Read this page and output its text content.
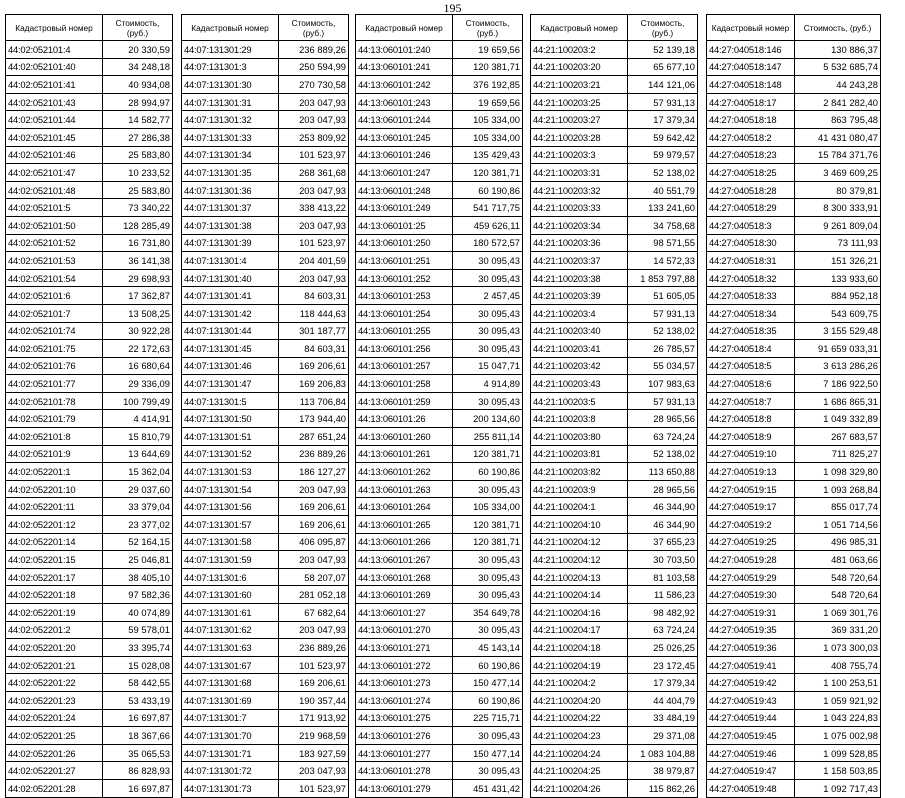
195
Кадастровый номер	Стоимость, (руб.)
44:02:052101:4	20 330,59
44:02:052101:40	34 248,18
44:02:052101:41	40 934,08
44:02:052101:43	28 994,97
44:02:052101:44	14 582,77
44:02:052101:45	27 286,38
44:02:052101:46	25 583,80
44:02:052101:47	10 233,52
44:02:052101:48	25 583,80
44:02:052101:5	73 340,22
44:02:052101:50	128 285,49
44:02:052101:52	16 731,80
44:02:052101:53	36 141,38
44:02:052101:54	29 698,93
44:02:052101:6	17 362,87
44:02:052101:7	13 508,25
44:02:052101:74	30 922,28
44:02:052101:75	22 172,63
44:02:052101:76	16 680,64
44:02:052101:77	29 336,09
44:02:052101:78	100 799,49
44:02:052101:79	4 414,91
44:02:052101:8	15 810,79
44:02:052101:9	13 644,69
44:02:052201:1	15 362,04
44:02:052201:10	29 037,60
44:02:052201:11	33 379,04
44:02:052201:12	23 377,02
44:02:052201:14	52 164,15
44:02:052201:15	25 046,81
44:02:052201:17	38 405,10
44:02:052201:18	97 582,36
44:02:052201:19	40 074,89
44:02:052201:2	59 578,01
44:02:052201:20	33 395,74
44:02:052201:21	15 028,08
44:02:052201:22	58 442,55
44:02:052201:23	53 433,19
44:02:052201:24	16 697,87
44:02:052201:25	18 367,66
44:02:052201:26	35 065,53
44:02:052201:27	86 828,93
44:02:052201:28	16 697,87
Кадастровый номер	Стоимость, (руб.)
44:07:131301:29	236 889,26
44:07:131301:3	250 594,99
44:07:131301:30	270 730,58
44:07:131301:31	203 047,93
44:07:131301:32	203 047,93
44:07:131301:33	253 809,92
44:07:131301:34	101 523,97
44:07:131301:35	268 361,68
44:07:131301:36	203 047,93
44:07:131301:37	338 413,22
44:07:131301:38	203 047,93
44:07:131301:39	101 523,97
44:07:131301:4	204 401,59
44:07:131301:40	203 047,93
44:07:131301:41	84 603,31
44:07:131301:42	118 444,63
44:07:131301:44	301 187,77
44:07:131301:45	84 603,31
44:07:131301:46	169 206,61
44:07:131301:47	169 206,83
44:07:131301:5	113 706,84
44:07:131301:50	173 944,40
44:07:131301:51	287 651,24
44:07:131301:52	236 889,26
44:07:131301:53	186 127,27
44:07:131301:54	203 047,93
44:07:131301:56	169 206,61
44:07:131301:57	169 206,61
44:07:131301:58	406 095,87
44:07:131301:59	203 047,93
44:07:131301:6	58 207,07
44:07:131301:60	281 052,18
44:07:131301:61	67 682,64
44:07:131301:62	203 047,93
44:07:131301:63	236 889,26
44:07:131301:67	101 523,97
44:07:131301:68	169 206,61
44:07:131301:69	190 357,44
44:07:131301:7	171 913,92
44:07:131301:70	219 968,59
44:07:131301:71	183 927,59
44:07:131301:72	203 047,93
44:07:131301:73	101 523,97
Кадастровый номер	Стоимость, (руб.)
44:13:060101:240	19 659,56
44:13:060101:241	120 381,71
44:13:060101:242	376 192,85
44:13:060101:243	19 659,56
44:13:060101:244	105 334,00
44:13:060101:245	105 334,00
44:13:060101:246	135 429,43
44:13:060101:247	120 381,71
44:13:060101:248	60 190,86
44:13:060101:249	541 717,75
44:13:060101:25	459 626,11
44:13:060101:250	180 572,57
44:13:060101:251	30 095,43
44:13:060101:252	30 095,43
44:13:060101:253	2 457,45
44:13:060101:254	30 095,43
44:13:060101:255	30 095,43
44:13:060101:256	30 095,43
44:13:060101:257	15 047,71
44:13:060101:258	4 914,89
44:13:060101:259	30 095,43
44:13:060101:26	200 134,60
44:13:060101:260	255 811,14
44:13:060101:261	120 381,71
44:13:060101:262	60 190,86
44:13:060101:263	30 095,43
44:13:060101:264	105 334,00
44:13:060101:265	120 381,71
44:13:060101:266	120 381,71
44:13:060101:267	30 095,43
44:13:060101:268	30 095,43
44:13:060101:269	30 095,43
44:13:060101:27	354 649,78
44:13:060101:270	30 095,43
44:13:060101:271	45 143,14
44:13:060101:272	60 190,86
44:13:060101:273	150 477,14
44:13:060101:274	60 190,86
44:13:060101:275	225 715,71
44:13:060101:276	30 095,43
44:13:060101:277	150 477,14
44:13:060101:278	30 095,43
44:13:060101:279	451 431,42
Кадастровый номер	Стоимость, (руб.)
44:21:100203:2	52 139,18
44:21:100203:20	65 677,10
44:21:100203:21	144 121,06
44:21:100203:25	57 931,13
44:21:100203:27	17 379,34
44:21:100203:28	59 642,42
44:21:100203:3	59 979,57
44:21:100203:31	52 138,02
44:21:100203:32	40 551,79
44:21:100203:33	133 241,60
44:21:100203:34	34 758,68
44:21:100203:36	98 571,55
44:21:100203:37	14 572,33
44:21:100203:38	1 853 797,88
44:21:100203:39	51 605,05
44:21:100203:4	57 931,13
44:21:100203:40	52 138,02
44:21:100203:41	26 785,57
44:21:100203:42	55 034,57
44:21:100203:43	107 983,63
44:21:100203:5	57 931,13
44:21:100203:8	28 965,56
44:21:100203:80	63 724,24
44:21:100203:81	52 138,02
44:21:100203:82	113 650,88
44:21:100203:9	28 965,56
44:21:100204:1	46 344,90
44:21:100204:10	46 344,90
44:21:100204:12	37 655,23
44:21:100204:12	30 703,50
44:21:100204:13	81 103,58
44:21:100204:14	11 586,23
44:21:100204:16	98 482,92
44:21:100204:17	63 724,24
44:21:100204:18	25 026,25
44:21:100204:19	23 172,45
44:21:100204:2	17 379,34
44:21:100204:20	44 404,79
44:21:100204:22	33 484,19
44:21:100204:23	29 371,08
44:21:100204:24	1 083 104,88
44:21:100204:25	38 979,87
44:21:100204:26	115 862,26
Кадастровый номер	Стоимость, (руб.)
44:27:040518:146	130 886,37
44:27:040518:147	5 532 685,74
44:27:040518:148	44 243,28
44:27:040518:17	2 841 282,40
44:27:040518:18	863 795,48
44:27:040518:2	41 431 080,47
44:27:040518:23	15 784 371,76
44:27:040518:25	3 469 609,25
44:27:040518:28	80 379,81
44:27:040518:29	8 300 333,91
44:27:040518:3	9 261 809,04
44:27:040518:30	73 111,93
44:27:040518:31	151 326,21
44:27:040518:32	133 933,60
44:27:040518:33	884 952,18
44:27:040518:34	543 609,75
44:27:040518:35	3 155 529,48
44:27:040518:4	91 659 033,31
44:27:040518:5	3 613 286,26
44:27:040518:6	7 186 922,50
44:27:040518:7	1 686 865,31
44:27:040518:8	1 049 332,89
44:27:040518:9	267 683,57
44:27:040519:10	711 825,27
44:27:040519:13	1 098 329,80
44:27:040519:15	1 093 268,84
44:27:040519:17	855 017,74
44:27:040519:2	1 051 714,56
44:27:040519:25	496 985,31
44:27:040519:28	481 063,66
44:27:040519:29	548 720,64
44:27:040519:30	548 720,64
44:27:040519:31	1 069 301,76
44:27:040519:35	369 331,20
44:27:040519:36	1 073 300,03
44:27:040519:41	408 755,74
44:27:040519:42	1 100 253,51
44:27:040519:43	1 059 921,92
44:27:040519:44	1 043 224,83
44:27:040519:45	1 075 002,98
44:27:040519:46	1 099 528,85
44:27:040519:47	1 158 503,85
44:27:040519:48	1 092 717,43
